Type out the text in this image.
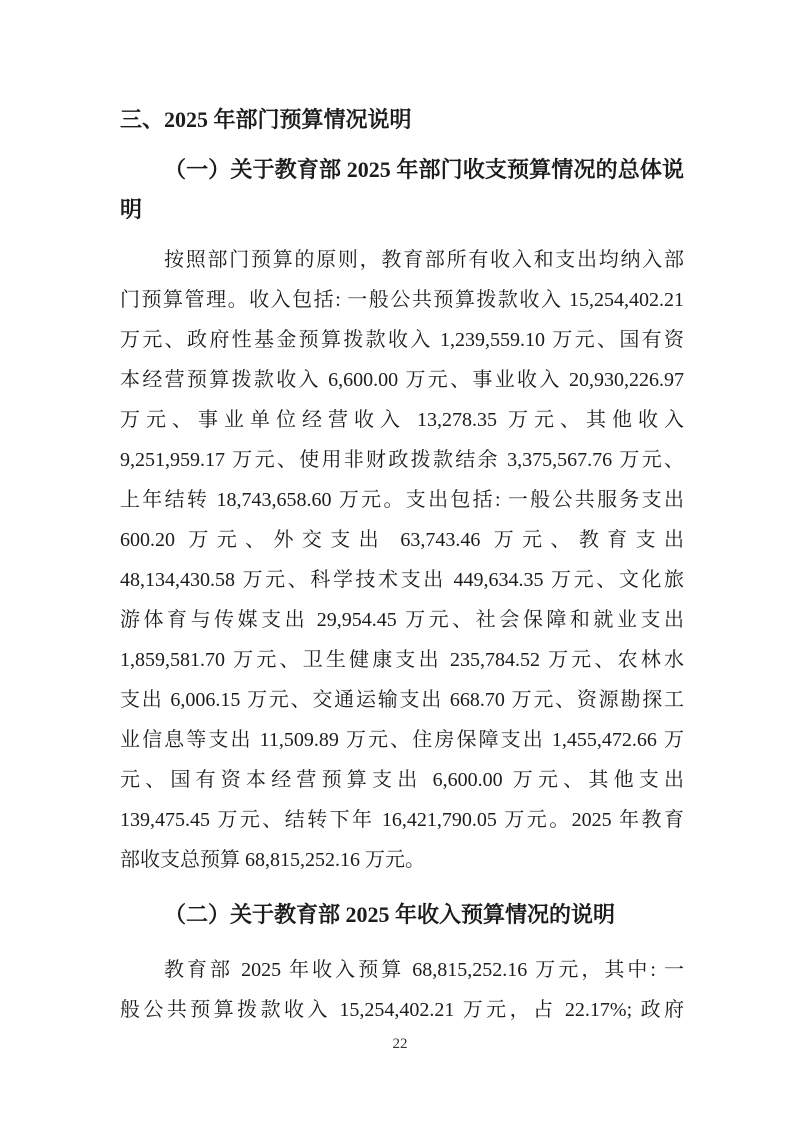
三、2025 年部门预算情况说明
（一）关于教育部 2025 年部门收支预算情况的总体说
明
按照部门预算的原则，教育部所有收入和支出均纳入部
门预算管理。收入包括: 一般公共预算拨款收入 15,254,402.21
万元、政府性基金预算拨款收入 1,239,559.10 万元、国有资
本经营预算拨款收入 6,600.00 万元、事业收入 20,930,226.97
万元、事业单位经营收入 13,278.35 万元、其他收入
9,251,959.17 万元、使用非财政拨款结余 3,375,567.76 万元、
上年结转 18,743,658.60 万元。支出包括: 一般公共服务支出
600.20 万元、外交支出 63,743.46 万元、教育支出
48,134,430.58 万元、科学技术支出 449,634.35 万元、文化旅
游体育与传媒支出 29,954.45 万元、社会保障和就业支出
1,859,581.70 万元、卫生健康支出 235,784.52 万元、农林水
支出 6,006.15 万元、交通运输支出 668.70 万元、资源勘探工
业信息等支出 11,509.89 万元、住房保障支出 1,455,472.66 万
元、国有资本经营预算支出 6,600.00 万元、其他支出
139,475.45 万元、结转下年 16,421,790.05 万元。2025 年教育
部收支总预算 68,815,252.16 万元。
（二）关于教育部 2025 年收入预算情况的说明
教育部 2025 年收入预算 68,815,252.16 万元，其中: 一
般公共预算拨款收入 15,254,402.21 万元，占 22.17%; 政府
22
